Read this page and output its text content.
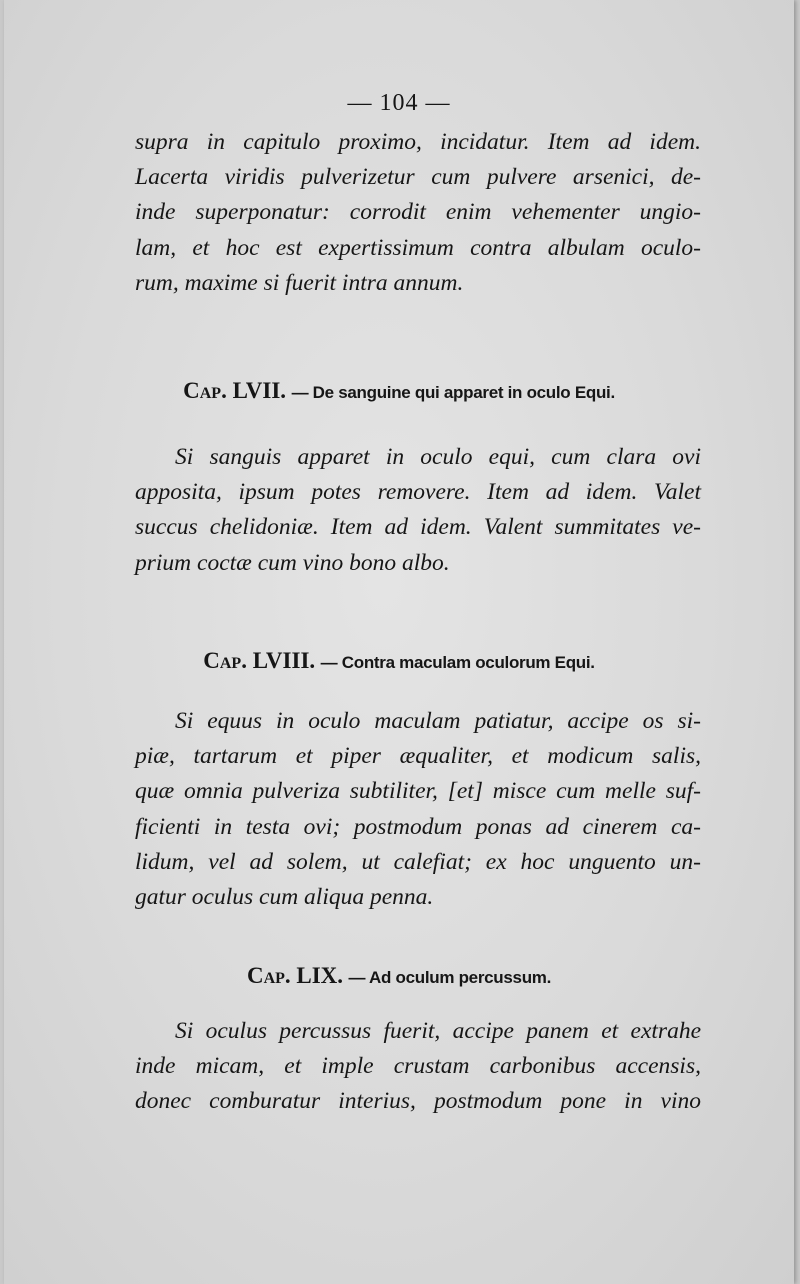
— 104 —

supra in capitulo proximo, incidatur. Item ad idem.
Lacerta viridis pulverizetur cum pulvere arsenici, de-
inde superponatur: corrodit enim vehementer ungio-
lam, et hoc est expertissimum contra albulam oculo-
rum, maxime si fuerit intra annum.

Cap. LVII. — De sanguine qui apparet in oculo Equi.

Si sanguis apparet in oculo equi, cum clara ovi
apposita, ipsum potes removere. Item ad idem. Valet
succus chelidoniæ. Item ad idem. Valent summitates ve-
prium coctæ cum vino bono albo.

Cap. LVIII. — Contra maculam oculorum Equi.

Si equus in oculo maculam patiatur, accipe os si-
piæ, tartarum et piper æqualiter, et modicum salis,
quæ omnia pulveriza subtiliter, [et] misce cum melle suf-
ficienti in testa ovi; postmodum ponas ad cinerem ca-
lidum, vel ad solem, ut calefiat; ex hoc unguento un-
gatur oculus cum aliqua penna.

Cap. LIX. — Ad oculum percussum.

Si oculus percussus fuerit, accipe panem et extrahe
inde micam, et imple crustam carbonibus accensis,
donec comburatur interius, postmodum pone in vino
